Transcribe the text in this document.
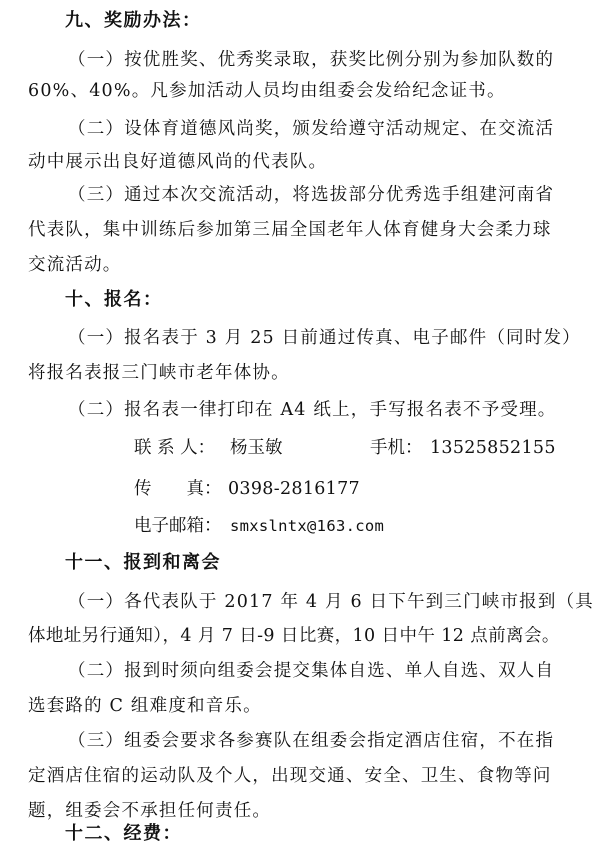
九、奖励办法：
（一）按优胜奖、优秀奖录取，获奖比例分别为参加队数的
60%、40%。凡参加活动人员均由组委会发给纪念证书。
（二）设体育道德风尚奖，颁发给遵守活动规定、在交流活
动中展示出良好道德风尚的代表队。
（三）通过本次交流活动，将选拔部分优秀选手组建河南省
代表队，集中训练后参加第三届全国老年人体育健身大会柔力球
交流活动。
十、报名：
（一）报名表于 3 月 25 日前通过传真、电子邮件（同时发）
将报名表报三门峡市老年体协。
（二）报名表一律打印在 A4 纸上，手写报名表不予受理。
联 系 人： 杨玉敏	手机： 13525852155
传　　真： 0398-2816177
电子邮箱： smxslntx@163.com
十一、报到和离会
（一）各代表队于 2017 年 4 月 6 日下午到三门峡市报到（具
体地址另行通知），4 月 7 日-9 日比赛，10 日中午 12 点前离会。
（二）报到时须向组委会提交集体自选、单人自选、双人自
选套路的 C 组难度和音乐。
（三）组委会要求各参赛队在组委会指定酒店住宿，不在指
定酒店住宿的运动队及个人，出现交通、安全、卫生、食物等问
题，组委会不承担任何责任。
十二、经费：
